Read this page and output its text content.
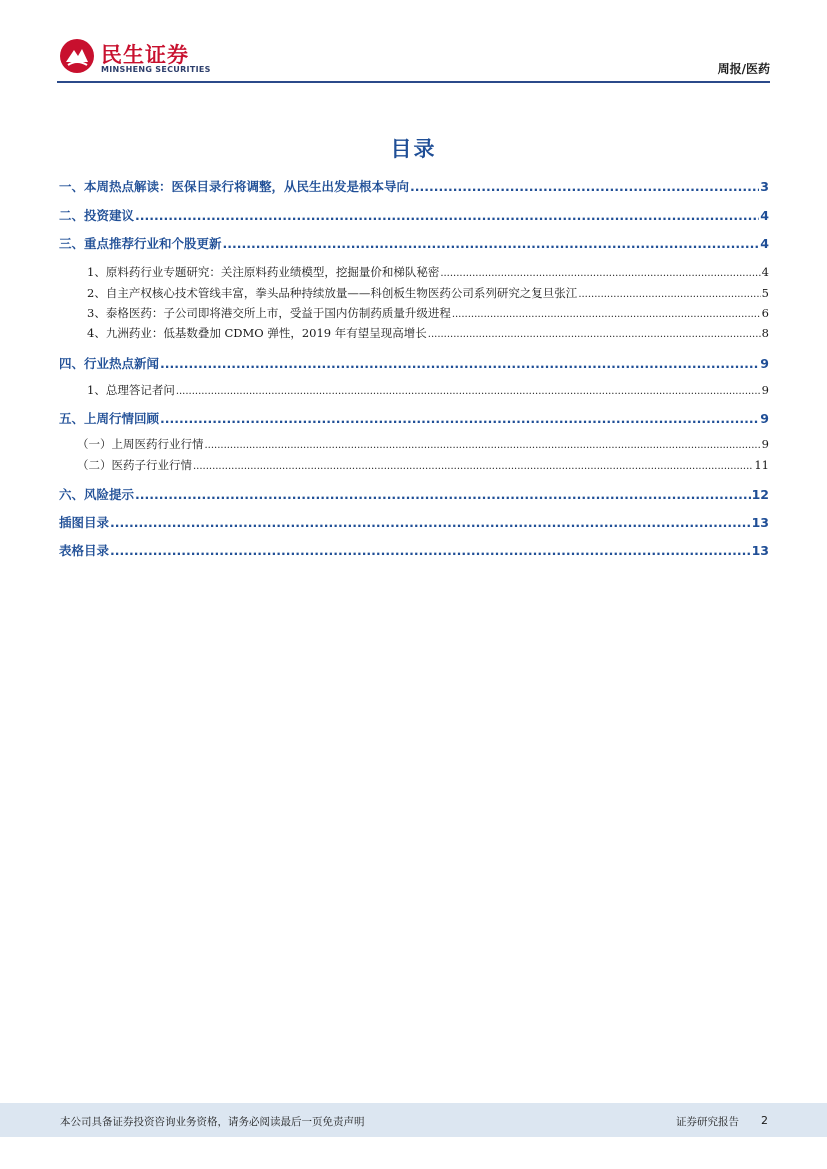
民生证券
MINSHENG SECURITIES	周报/医药
目录
一、本周热点解读：医保目录行将调整，从民生出发是根本导向 .....	3
二、投资建议 .....	4
三、重点推荐行业和个股更新 .....	4
1、原料药行业专题研究：关注原料药业绩模型，挖掘量价和梯队秘密 .....	4
2、自主产权核心技术管线丰富，拳头品种持续放量——科创板生物医药公司系列研究之复旦张江 .....	5
3、泰格医药：子公司即将港交所上市，受益于国内仿制药质量升级进程 .....	6
4、九洲药业：低基数叠加 CDMO 弹性，2019 年有望呈现高增长 .....	8
四、行业热点新闻 .....	9
1、总理答记者问 .....	9
五、上周行情回顾 .....	9
（一）上周医药行业行情 .....	9
（二）医药子行业行情 .....	11
六、风险提示 .....	12
插图目录 .....	13
表格目录 .....	13
本公司具备证券投资咨询业务资格，请务必阅读最后一页免责声明	证券研究报告 2
